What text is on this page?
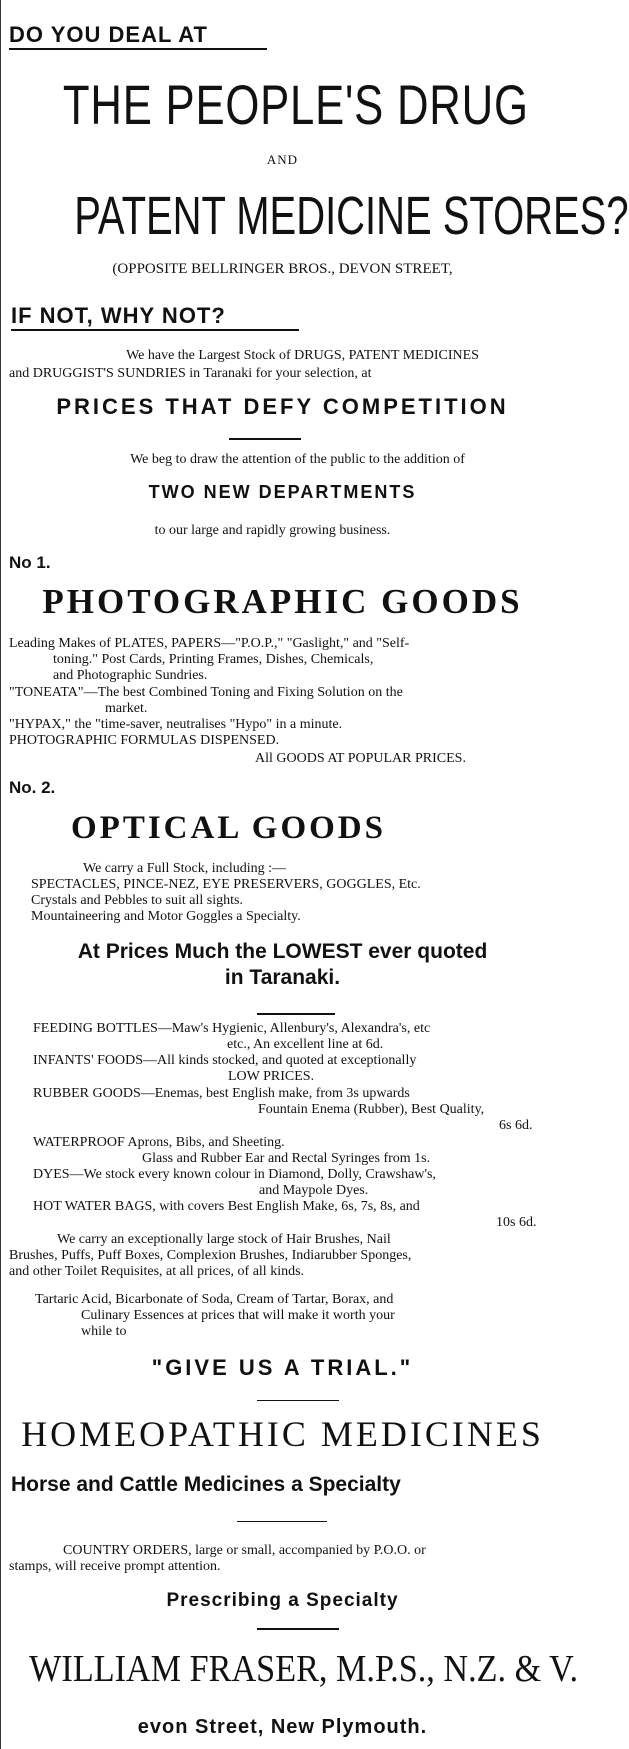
DO YOU DEAL AT
THE PEOPLE'S DRUG
AND
PATENT MEDICINE STORES?
(OPPOSITE BELLRINGER BROS., DEVON STREET,
IF NOT, WHY NOT?
We have the Largest Stock of DRUGS, PATENT MEDICINES
and DRUGGIST'S SUNDRIES in Taranaki for your selection, at
PRICES THAT DEFY COMPETITION
We beg to draw the attention of the public to the addition of
TWO NEW DEPARTMENTS
to our large and rapidly growing business.
No 1.
PHOTOGRAPHIC GOODS
Leading Makes of PLATES, PAPERS—"P.O.P.," "Gaslight," and "Self-
toning." Post Cards, Printing Frames, Dishes, Chemicals,
and Photographic Sundries.
"TONEATA"—The best Combined Toning and Fixing Solution on the
market.
"HYPAX," the "time-saver, neutralises "Hypo" in a minute.
PHOTOGRAPHIC FORMULAS DISPENSED.
All GOODS AT POPULAR PRICES.
No. 2.
OPTICAL GOODS
We carry a Full Stock, including :—
SPECTACLES, PINCE-NEZ, EYE PRESERVERS, GOGGLES, Etc.
Crystals and Pebbles to suit all sights.
Mountaineering and Motor Goggles a Specialty.
At Prices Much the LOWEST ever quoted
in Taranaki.
FEEDING BOTTLES—Maw's Hygienic, Allenbury's, Alexandra's, etc
etc., An excellent line at 6d.
INFANTS' FOODS—All kinds stocked, and quoted at exceptionally
LOW PRICES.
RUBBER GOODS—Enemas, best English make, from 3s upwards
Fountain Enema (Rubber), Best Quality,
6s 6d.
WATERPROOF Aprons, Bibs, and Sheeting.
Glass and Rubber Ear and Rectal Syringes from 1s.
DYES—We stock every known colour in Diamond, Dolly, Crawshaw's,
and Maypole Dyes.
HOT WATER BAGS, with covers Best English Make, 6s, 7s, 8s, and
10s 6d.
We carry an exceptionally large stock of Hair Brushes, Nail
Brushes, Puffs, Puff Boxes, Complexion Brushes, Indiarubber Sponges,
and other Toilet Requisites, at all prices, of all kinds.
Tartaric Acid, Bicarbonate of Soda, Cream of Tartar, Borax, and
Culinary Essences at prices that will make it worth your
while to
"GIVE US A TRIAL."
HOMEOPATHIC MEDICINES
Horse and Cattle Medicines a Specialty
COUNTRY ORDERS, large or small, accompanied by P.O.O. or
stamps, will receive prompt attention.
Prescribing a Specialty
WILLIAM FRASER, M.P.S., N.Z. & V.
evon Street, New Plymouth.
